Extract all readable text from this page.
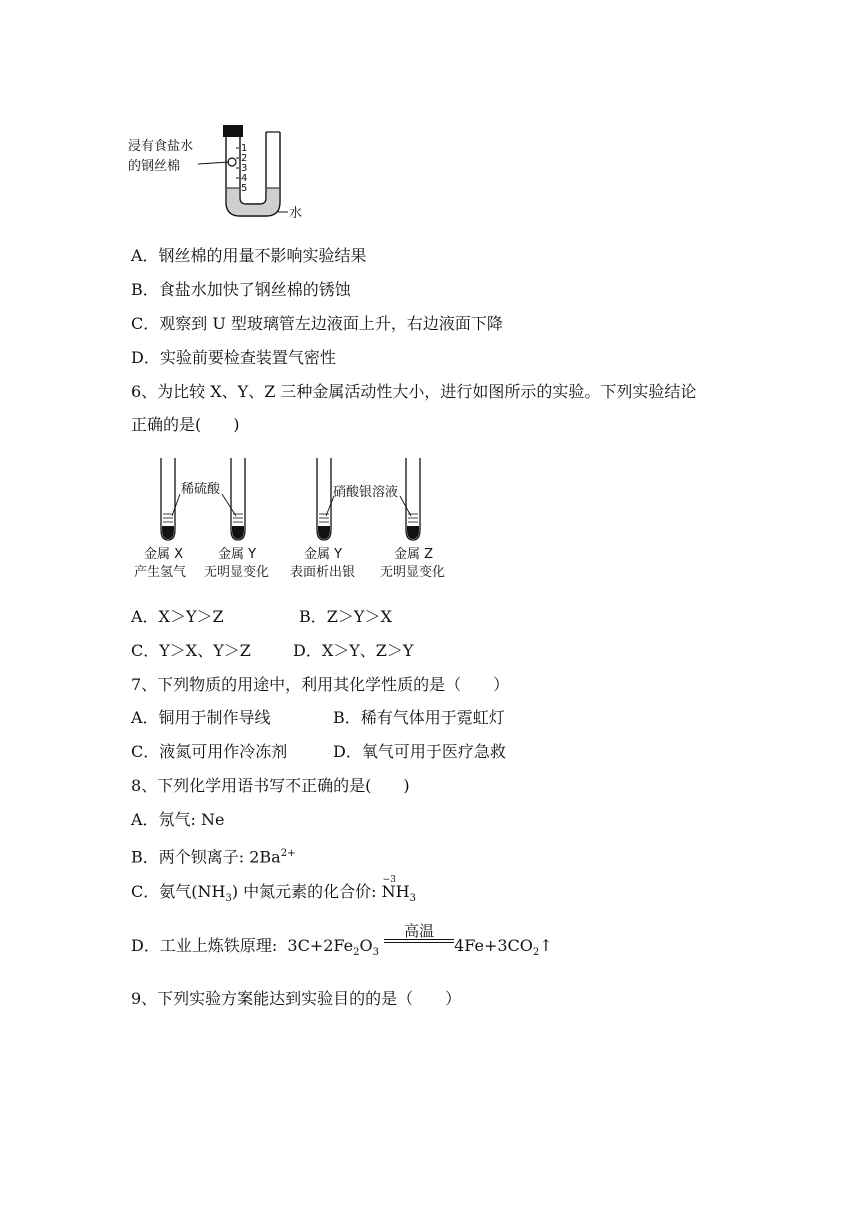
1
2
3
4
5
浸有食盐水
的钢丝棉
水
A．钢丝棉的用量不影响实验结果
B．食盐水加快了钢丝棉的锈蚀
C．观察到 U 型玻璃管左边液面上升，右边液面下降
D．实验前要检查装置气密性
6、为比较 X、Y、Z 三种金属活动性大小，进行如图所示的实验。下列实验结论
正确的是(　　)
稀硫酸	硝酸银溶液
金属 X
产生氢气
金属 Y
无明显变化
金属 Y
表面析出银
金属 Z
无明显变化
A．X＞Y＞Z	B．Z＞Y＞X
C．Y＞X、Y＞Z	D．X＞Y、Z＞Y
7、下列物质的用途中，利用其化学性质的是（　　）
A．铜用于制作导线	B．稀有气体用于霓虹灯
C．液氮可用作冷冻剂	D．氧气可用于医疗急救
8、下列化学用语书写不正确的是(　　)
A．氖气: Ne
B．两个钡离子: $2Ba^{2+}$
C．氨气$(NH_3)$ 中氮元素的化合价:
−3
$NH_3$
D．工业上炼铁原理: $3C+2Fe_2O_3$
高温
$4Fe+3CO_2↑$
9、下列实验方案能达到实验目的的是（　　）
